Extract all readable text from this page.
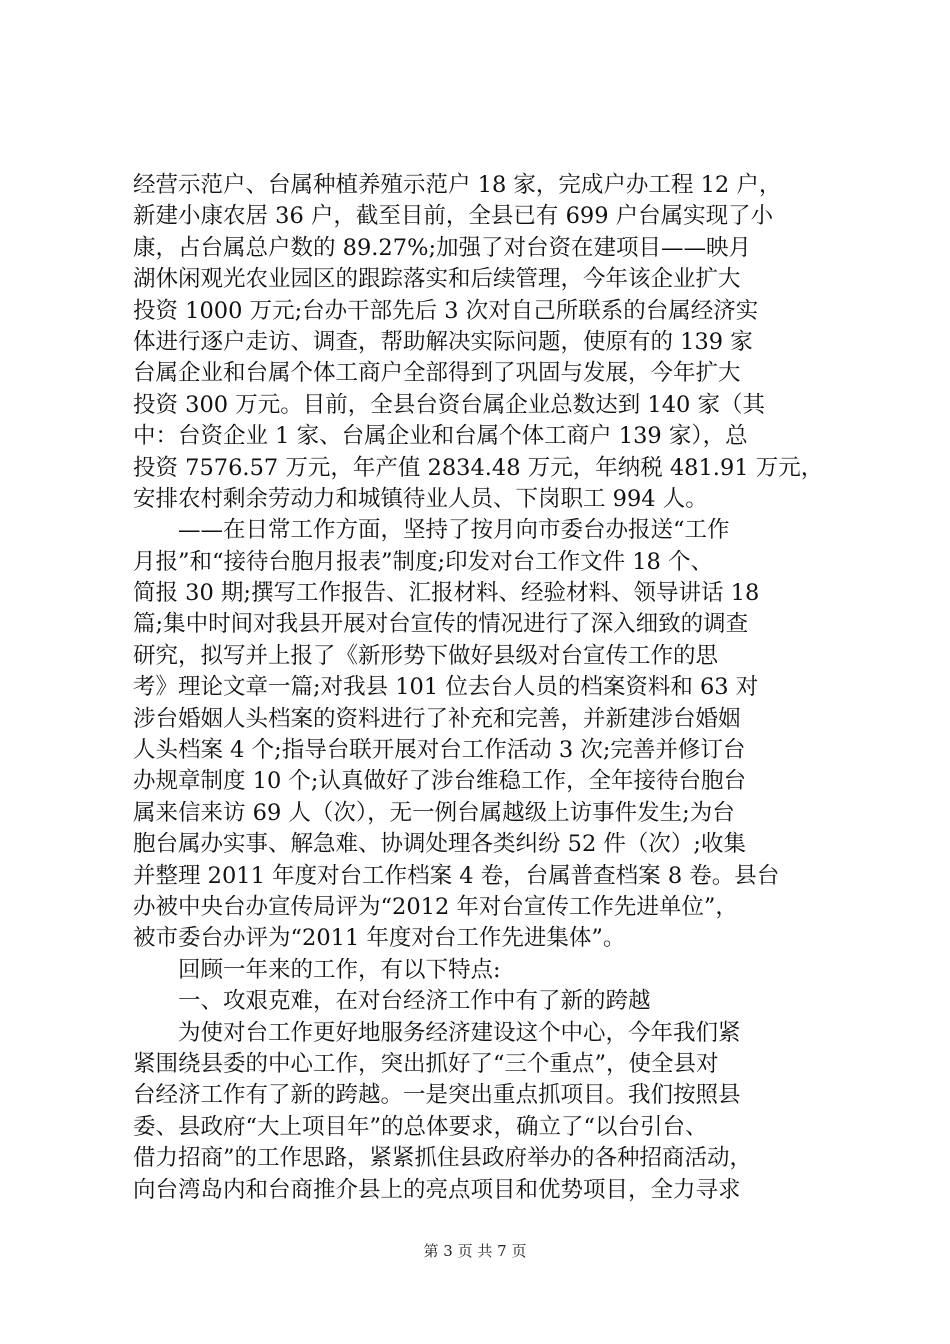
经营示范户、台属种植养殖示范户 18 家，完成户办工程 12 户，
新建小康农居 36 户，截至目前，全县已有 699 户台属实现了小
康，占台属总户数的 89.27%;加强了对台资在建项目——映月
湖休闲观光农业园区的跟踪落实和后续管理，今年该企业扩大
投资 1000 万元;台办干部先后 3 次对自己所联系的台属经济实
体进行逐户走访、调查，帮助解决实际问题，使原有的 139 家
台属企业和台属个体工商户全部得到了巩固与发展，今年扩大
投资 300 万元。目前，全县台资台属企业总数达到 140 家（其
中：台资企业 1 家、台属企业和台属个体工商户 139 家），总
投资 7576.57 万元，年产值 2834.48 万元，年纳税 481.91 万元，
安排农村剩余劳动力和城镇待业人员、下岗职工 994 人。
——在日常工作方面，坚持了按月向市委台办报送“工作
月报”和“接待台胞月报表”制度;印发对台工作文件 18 个、
简报 30 期;撰写工作报告、汇报材料、经验材料、领导讲话 18
篇;集中时间对我县开展对台宣传的情况进行了深入细致的调查
研究，拟写并上报了《新形势下做好县级对台宣传工作的思
考》理论文章一篇;对我县 101 位去台人员的档案资料和 63 对
涉台婚姻人头档案的资料进行了补充和完善，并新建涉台婚姻
人头档案 4 个;指导台联开展对台工作活动 3 次;完善并修订台
办规章制度 10 个;认真做好了涉台维稳工作，全年接待台胞台
属来信来访 69 人（次），无一例台属越级上访事件发生;为台
胞台属办实事、解急难、协调处理各类纠纷 52 件（次）;收集
并整理 2011 年度对台工作档案 4 卷，台属普查档案 8 卷。县台
办被中央台办宣传局评为“2012 年对台宣传工作先进单位”，
被市委台办评为“2011 年度对台工作先进集体”。
回顾一年来的工作，有以下特点:
一、攻艰克难，在对台经济工作中有了新的跨越
为使对台工作更好地服务经济建设这个中心，今年我们紧
紧围绕县委的中心工作，突出抓好了“三个重点”，使全县对
台经济工作有了新的跨越。一是突出重点抓项目。我们按照县
委、县政府“大上项目年”的总体要求，确立了“以台引台、
借力招商”的工作思路，紧紧抓住县政府举办的各种招商活动，
向台湾岛内和台商推介县上的亮点项目和优势项目，全力寻求
第 3 页 共 7 页
